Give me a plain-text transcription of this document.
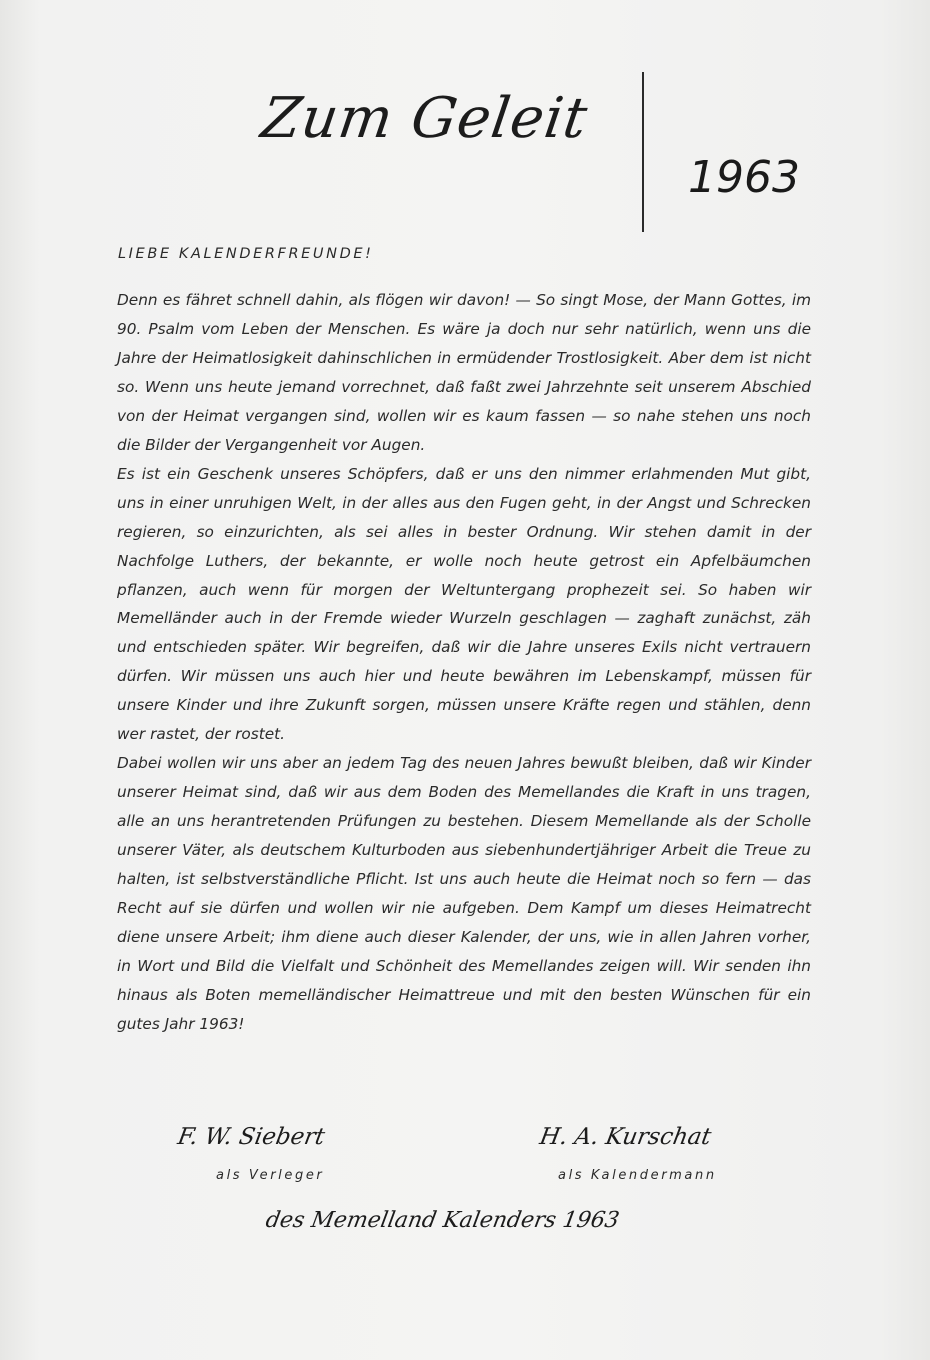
Zum Geleit
1963
LIEBE KALENDERFREUNDE!

Denn es fähret schnell dahin, als flögen wir davon! — So singt Mose, der Mann Gottes, im 90. Psalm vom Leben der Menschen. Es wäre ja doch nur sehr natürlich, wenn uns die Jahre der Heimatlosigkeit dahinschlichen in ermüdender Trostlosigkeit. Aber dem ist nicht so. Wenn uns heute jemand vorrechnet, daß faßt zwei Jahrzehnte seit unserem Abschied von der Heimat vergangen sind, wollen wir es kaum fassen — so nahe stehen uns noch die Bilder der Vergangenheit vor Augen.

Es ist ein Geschenk unseres Schöpfers, daß er uns den nimmer erlahmenden Mut gibt, uns in einer unruhigen Welt, in der alles aus den Fugen geht, in der Angst und Schrecken regieren, so einzurichten, als sei alles in bester Ordnung. Wir stehen damit in der Nachfolge Luthers, der bekannte, er wolle noch heute getrost ein Apfelbäumchen pflanzen, auch wenn für morgen der Weltuntergang prophezeit sei. So haben wir Memelländer auch in der Fremde wieder Wurzeln geschlagen — zaghaft zunächst, zäh und entschieden später. Wir begreifen, daß wir die Jahre unseres Exils nicht vertrauern dürfen. Wir müssen uns auch hier und heute bewähren im Lebenskampf, müssen für unsere Kinder und ihre Zukunft sorgen, müssen unsere Kräfte regen und stählen, denn wer rastet, der rostet.

Dabei wollen wir uns aber an jedem Tag des neuen Jahres bewußt bleiben, daß wir Kinder unserer Heimat sind, daß wir aus dem Boden des Memellandes die Kraft in uns tragen, alle an uns herantretenden Prüfungen zu bestehen. Diesem Memellande als der Scholle unserer Väter, als deutschem Kulturboden aus siebenhundertjähriger Arbeit die Treue zu halten, ist selbstverständliche Pflicht. Ist uns auch heute die Heimat noch so fern — das Recht auf sie dürfen und wollen wir nie aufgeben. Dem Kampf um dieses Heimatrecht diene unsere Arbeit; ihm diene auch dieser Kalender, der uns, wie in allen Jahren vorher, in Wort und Bild die Vielfalt und Schönheit des Memellandes zeigen will. Wir senden ihn hinaus als Boten memelländischer Heimattreue und mit den besten Wünschen für ein gutes Jahr 1963!

F. W. Siebert
als Verleger
H. A. Kurschat
als Kalendermann
des Memelland Kalenders 1963
